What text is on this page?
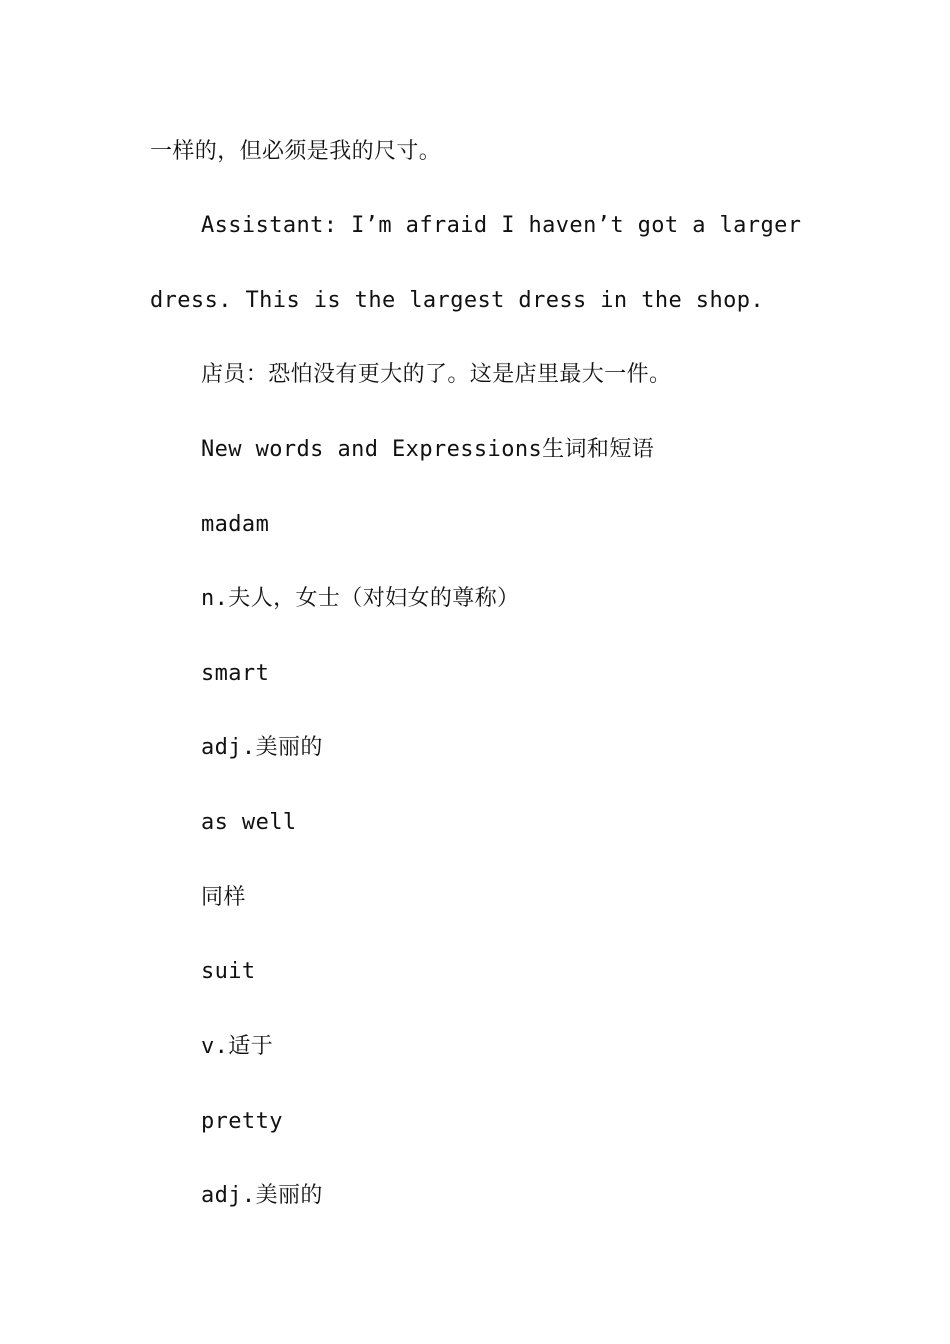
一样的，但必须是我的尺寸。
Assistant: I’m afraid I haven’t got a larger
dress. This is the largest dress in the shop.
店员：恐怕没有更大的了。这是店里最大一件。
New words and Expressions生词和短语
madam
n.夫人，女士（对妇女的尊称）
smart
adj.美丽的
as well
同样
suit
v.适于
pretty
adj.美丽的
